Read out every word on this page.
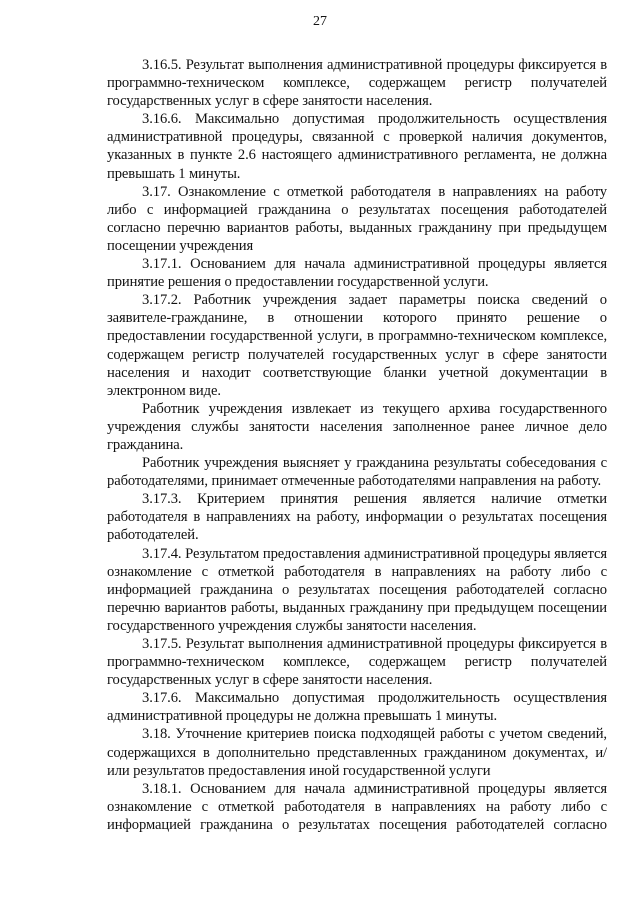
27

3.16.5. Результат выполнения административной процедуры фиксируется в программно-техническом комплексе, содержащем регистр получателей государственных услуг в сфере занятости населения.

3.16.6. Максимально допустимая продолжительность осуществления административной процедуры, связанной с проверкой наличия документов, указанных в пункте 2.6 настоящего административного регламента, не должна превышать 1 минуты.

3.17. Ознакомление с отметкой работодателя в направлениях на работу либо с информацией гражданина о результатах посещения работодателей согласно перечню вариантов работы, выданных гражданину при предыдущем посещении учреждения

3.17.1. Основанием для начала административной процедуры является принятие решения о предоставлении государственной услуги.

3.17.2. Работник учреждения задает параметры поиска сведений о заявителе-гражданине, в отношении которого принято решение о предоставлении государственной услуги, в программно-техническом комплексе, содержащем регистр получателей государственных услуг в сфере занятости населения и находит соответствующие бланки учетной документации в электронном виде.

Работник учреждения извлекает из текущего архива государственного учреждения службы занятости населения заполненное ранее личное дело гражданина.

Работник учреждения выясняет у гражданина результаты собеседования с работодателями, принимает отмеченные работодателями направления на работу.

3.17.3. Критерием принятия решения является наличие отметки работодателя в направлениях на работу, информации о результатах посещения работодателей.

3.17.4. Результатом предоставления административной процедуры является ознакомление с отметкой работодателя в направлениях на работу либо с информацией гражданина о результатах посещения работодателей согласно перечню вариантов работы, выданных гражданину при предыдущем посещении государственного учреждения службы занятости населения.

3.17.5. Результат выполнения административной процедуры фиксируется в программно-техническом комплексе, содержащем регистр получателей государственных услуг в сфере занятости населения.

3.17.6. Максимально допустимая продолжительность осуществления административной процедуры не должна превышать 1 минуты.

3.18. Уточнение критериев поиска подходящей работы с учетом сведений, содержащихся в дополнительно представленных гражданином документах, и/или результатов предоставления иной государственной услуги

3.18.1. Основанием для начала административной процедуры является ознакомление с отметкой работодателя в направлениях на работу либо с информацией гражданина о результатах посещения работодателей согласно
